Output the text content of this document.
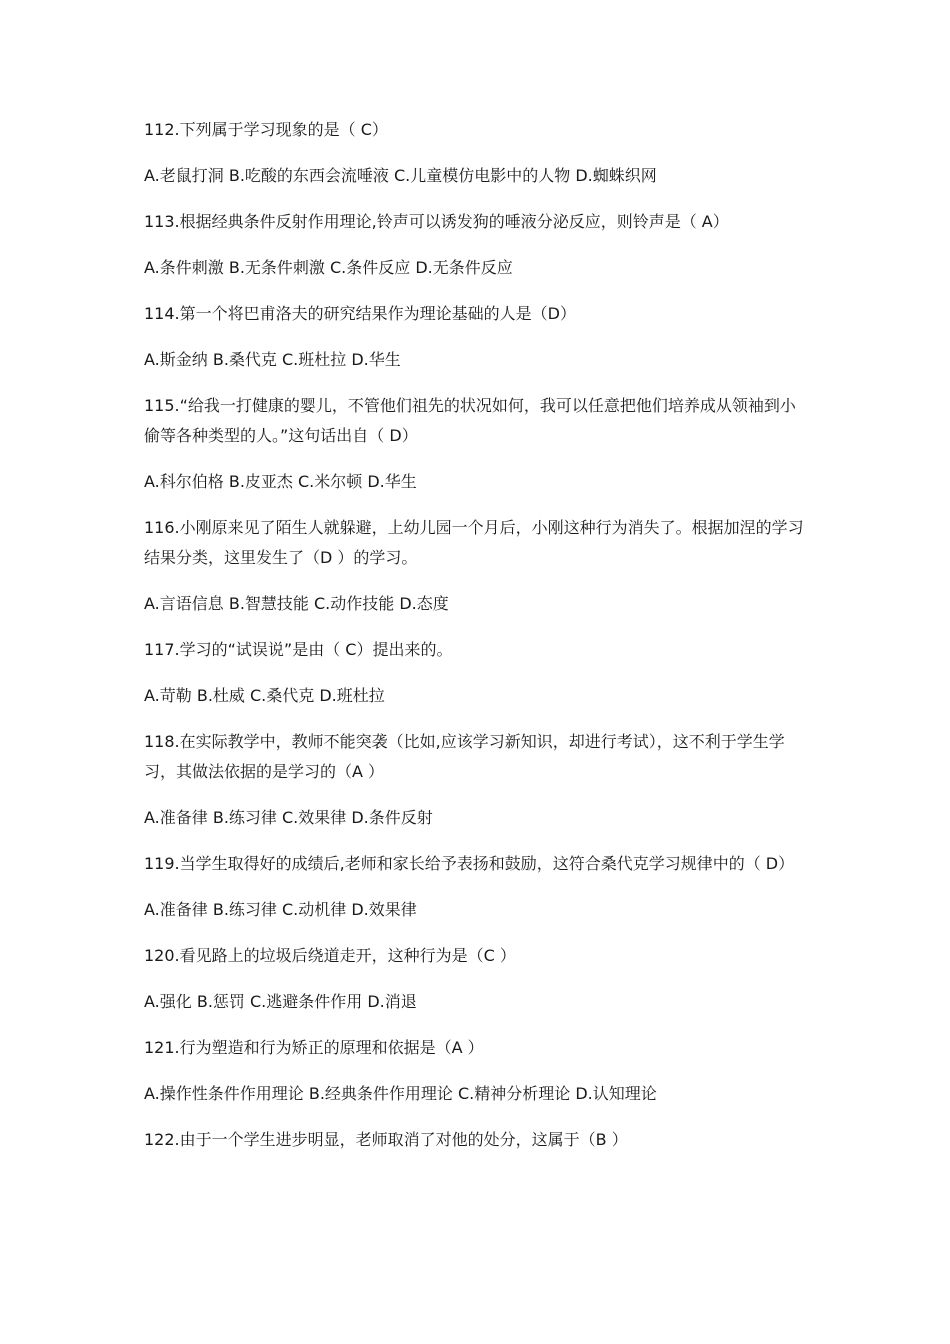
112.下列属于学习现象的是（ C）

A.老鼠打洞 B.吃酸的东西会流唾液 C.儿童模仿电影中的人物 D.蜘蛛织网

113.根据经典条件反射作用理论,铃声可以诱发狗的唾液分泌反应，则铃声是（ A）

A.条件刺激 B.无条件刺激 C.条件反应 D.无条件反应

114.第一个将巴甫洛夫的研究结果作为理论基础的人是（D）

A.斯金纳 B.桑代克 C.班杜拉 D.华生

115.“给我一打健康的婴儿，不管他们祖先的状况如何，我可以任意把他们培养成从领袖到小偷等各种类型的人。”这句话出自（ D）

A.科尔伯格 B.皮亚杰 C.米尔顿 D.华生

116.小刚原来见了陌生人就躲避，上幼儿园一个月后，小刚这种行为消失了。根据加涅的学习结果分类，这里发生了（D ）的学习。

A.言语信息 B.智慧技能 C.动作技能 D.态度

117.学习的“试误说”是由（ C）提出来的。

A.苛勒 B.杜威 C.桑代克 D.班杜拉

118.在实际教学中，教师不能突袭（比如,应该学习新知识，却进行考试），这不利于学生学习，其做法依据的是学习的（A ）

A.准备律 B.练习律 C.效果律 D.条件反射

119.当学生取得好的成绩后,老师和家长给予表扬和鼓励，这符合桑代克学习规律中的（ D）

A.准备律 B.练习律 C.动机律 D.效果律

120.看见路上的垃圾后绕道走开，这种行为是（C ）

A.强化 B.惩罚 C.逃避条件作用 D.消退

121.行为塑造和行为矫正的原理和依据是（A ）

A.操作性条件作用理论 B.经典条件作用理论 C.精神分析理论 D.认知理论

122.由于一个学生进步明显，老师取消了对他的处分，这属于（B ）
